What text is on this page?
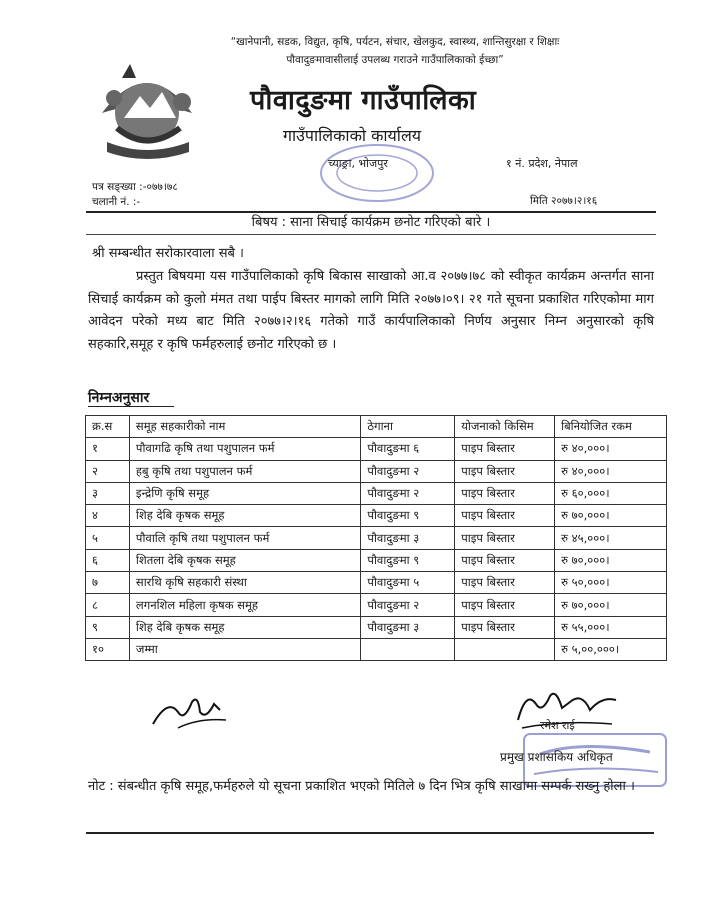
“खानेपानी, सडक, विद्युत, कृषि, पर्यटन, संचार, खेलकुद, स्वास्थ्य, शान्तिसुरक्षा र शिक्षाः
पौवादुङमावासीलाई उपलब्ध गराउने गाउँपालिकाको ईच्छा”
पौवादुङमा गाउँपालिका
गाउँपालिकाको कार्यालय
च्याङ्रा, भोजपुर	१ नं. प्रदेश, नेपाल
पत्र सङ्ख्या :-०७७।७८
चलानी नं. :-	मिति २०७७।२।१६
बिषय : साना सिचाई कार्यक्रम छनोट गरिएको बारे ।
श्री सम्बन्धीत सरोकारवाला सबै ।
प्रस्तुत बिषयमा यस गाउँपालिकाको कृषि बिकास साखाको आ.व २०७७।७८ को स्वीकृत कार्यक्रम अन्तर्गत साना सिचाई कार्यक्रम को कुलो मंमत तथा पाईप बिस्तर मागको लागि मिति २०७७।०९। २१ गते सूचना प्रकाशित गरिएकोमा माग आवेदन परेको मध्य बाट मिति २०७७।२।१६ गतेको गाउँ कार्यपालिकाको निर्णय अनुसार निम्न अनुसारको कृषि सहकारि,समूह र कृषि फर्महरुलाई छनोट गरिएको छ ।
निम्नअनुसार
क्र.स	समूह सहकारीको नाम	ठेगाना	योजनाको किसिम	बिनियोजित रकम
१	पौवागढि कृषि तथा पशुपालन फर्म	पौवादुङमा ६	पाइप बिस्तार	रु ४०,०००।
२	हबु कृषि तथा पशुपालन फर्म	पौवादुङमा २	पाइप बिस्तार	रु ४०,०००।
३	इन्द्रेणि कृषि समूह	पौवादुङमा २	पाइप बिस्तार	रु ६०,०००।
४	शिह देबि कृषक समूह	पौवादुङमा ९	पाइप बिस्तार	रु ७०,०००।
५	पौवालि कृषि तथा पशुपालन फर्म	पौवादुङमा ३	पाइप बिस्तार	रु ४५,०००।
६	शितला देबि कृषक समूह	पौवादुङमा ९	पाइप बिस्तार	रु ७०,०००।
७	सारथि कृषि सहकारी संस्था	पौवादुङमा ५	पाइप बिस्तार	रु ५०,०००।
८	लगनशिल महिला कृषक समूह	पौवादुङमा २	पाइप बिस्तार	रु ७०,०००।
९	शिह देबि कृषक समूह	पौवादुङमा ३	पाइप बिस्तार	रु ५५,०००।
१०	जम्मा			रु ५,००,०००।
रमेश राई
प्रमुख प्रशासकिय अधिकृत
नोट : संबन्धीत कृषि समूह,फर्महरुले यो सूचना प्रकाशित भएको मितिले ७ दिन भित्र कृषि साखामा सम्पर्क राख्नु होला ।
